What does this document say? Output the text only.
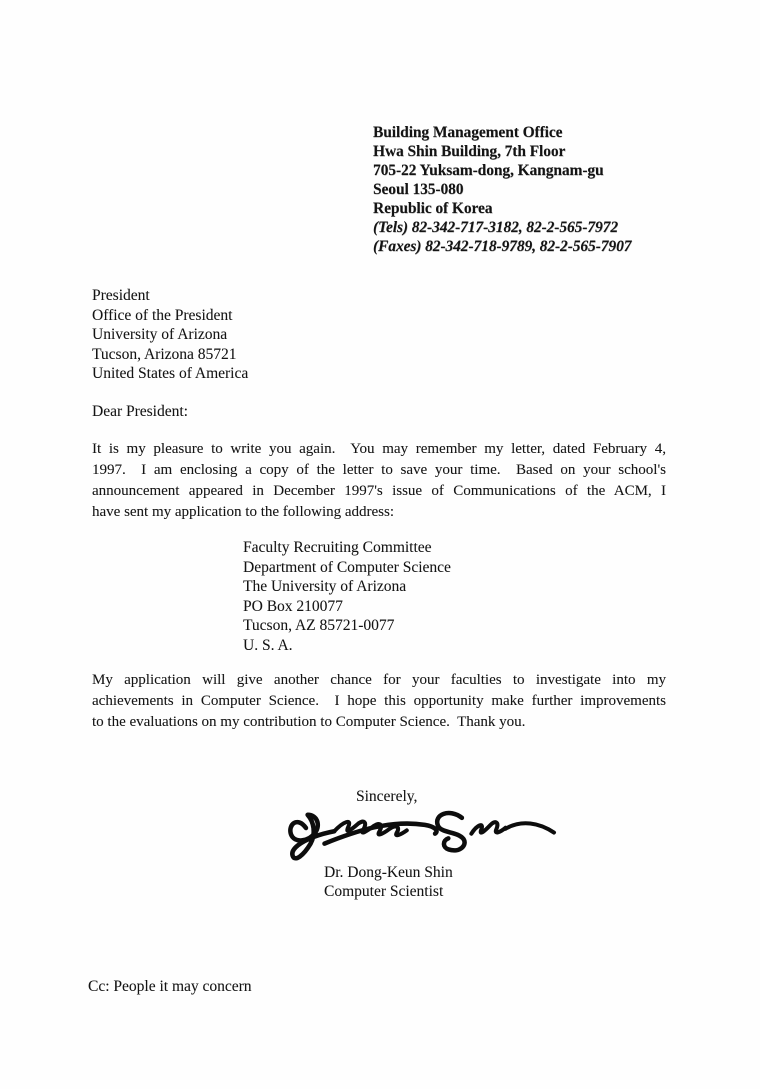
Building Management Office
Hwa Shin Building, 7th Floor
705-22 Yuksam-dong, Kangnam-gu
Seoul 135-080
Republic of Korea
(Tels) 82-342-717-3182, 82-2-565-7972
(Faxes) 82-342-718-9789, 82-2-565-7907
President
Office of the President
University of Arizona
Tucson, Arizona 85721
United States of America
Dear President:
It is my pleasure to write you again.  You may remember my letter, dated February 4,
1997.  I am enclosing a copy of the letter to save your time.  Based on your school's
announcement appeared in December 1997's issue of Communications of the ACM, I
have sent my application to the following address:
Faculty Recruiting Committee
Department of Computer Science
The University of Arizona
PO Box 210077
Tucson, AZ 85721-0077
U. S. A.
My application will give another chance for your faculties to investigate into my
achievements in Computer Science.  I hope this opportunity make further improvements
to the evaluations on my contribution to Computer Science.  Thank you.
Sincerely,
Dr. Dong-Keun Shin
Computer Scientist
Cc: People it may concern
